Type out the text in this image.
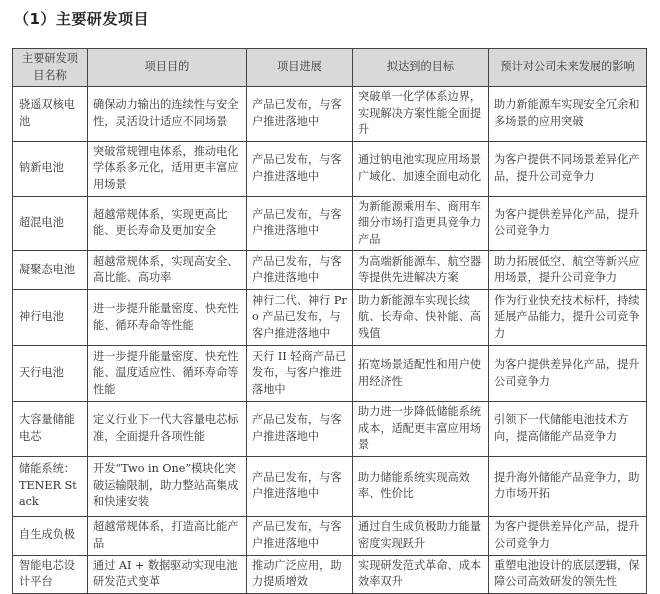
（1）主要研发项目
主要研发项目名称	项目目的	项目进展	拟达到的目标	预计对公司未来发展的影响
骁遥双核电池	确保动力输出的连续性与安全性，灵活设计适应不同场景	产品已发布，与客户推进落地中	突破单一化学体系边界，实现解决方案性能全面提升	助力新能源车实现安全冗余和多场景的应用突破
钠新电池	突破常规锂电体系，推动电化学体系多元化，适用更丰富应用场景	产品已发布，与客户推进落地中	通过钠电池实现应用场景广域化、加速全面电动化	为客户提供不同场景差异化产品，提升公司竞争力
超混电池	超越常规体系，实现更高比能、更长寿命及更加安全	产品已发布，与客户推进落地中	为新能源乘用车、商用车细分市场打造更具竞争力产品	为客户提供差异化产品，提升公司竞争力
凝聚态电池	超越常规体系，实现高安全、高比能、高功率	产品已发布，与客户推进落地中	为高端新能源车、航空器等提供先进解决方案	助力拓展低空、航空等新兴应用场景，提升公司竞争力
神行电池	进一步提升能量密度、快充性能、循环寿命等性能	神行二代、神行 Pro 产品已发布，与客户推进落地中	助力新能源车实现长续航、长寿命、快补能、高残值	作为行业快充技术标杆，持续延展产品能力，提升公司竞争力
天行电池	进一步提升能量密度、快充性能、温度适应性、循环寿命等性能	天行 II 轻商产品已发布，与客户推进落地中	拓宽场景适配性和用户使用经济性	为客户提供差异化产品，提升公司竞争力
大容量储能电芯	定义行业下一代大容量电芯标准，全面提升各项性能	产品已发布，与客户推进落地中	助力进一步降低储能系统成本，适配更丰富应用场景	引领下一代储能电池技术方向，提高储能产品竞争力
储能系统：TENER Stack	开发“Two in One”模块化突破运输限制，助力整站高集成和快速安装	产品已发布，与客户推进落地中	助力储能系统实现高效率、性价比	提升海外储能产品竞争力，助力市场开拓
自生成负极	超越常规体系，打造高比能产品	产品已发布，与客户推进落地中	通过自生成负极助力能量密度实现跃升	为客户提供差异化产品，提升公司竞争力
智能电芯设计平台	通过 AI + 数据驱动实现电池研发范式变革	推动广泛应用，助力提质增效	实现研发范式革命、成本效率双升	重塑电池设计的底层逻辑，保障公司高效研发的领先性
